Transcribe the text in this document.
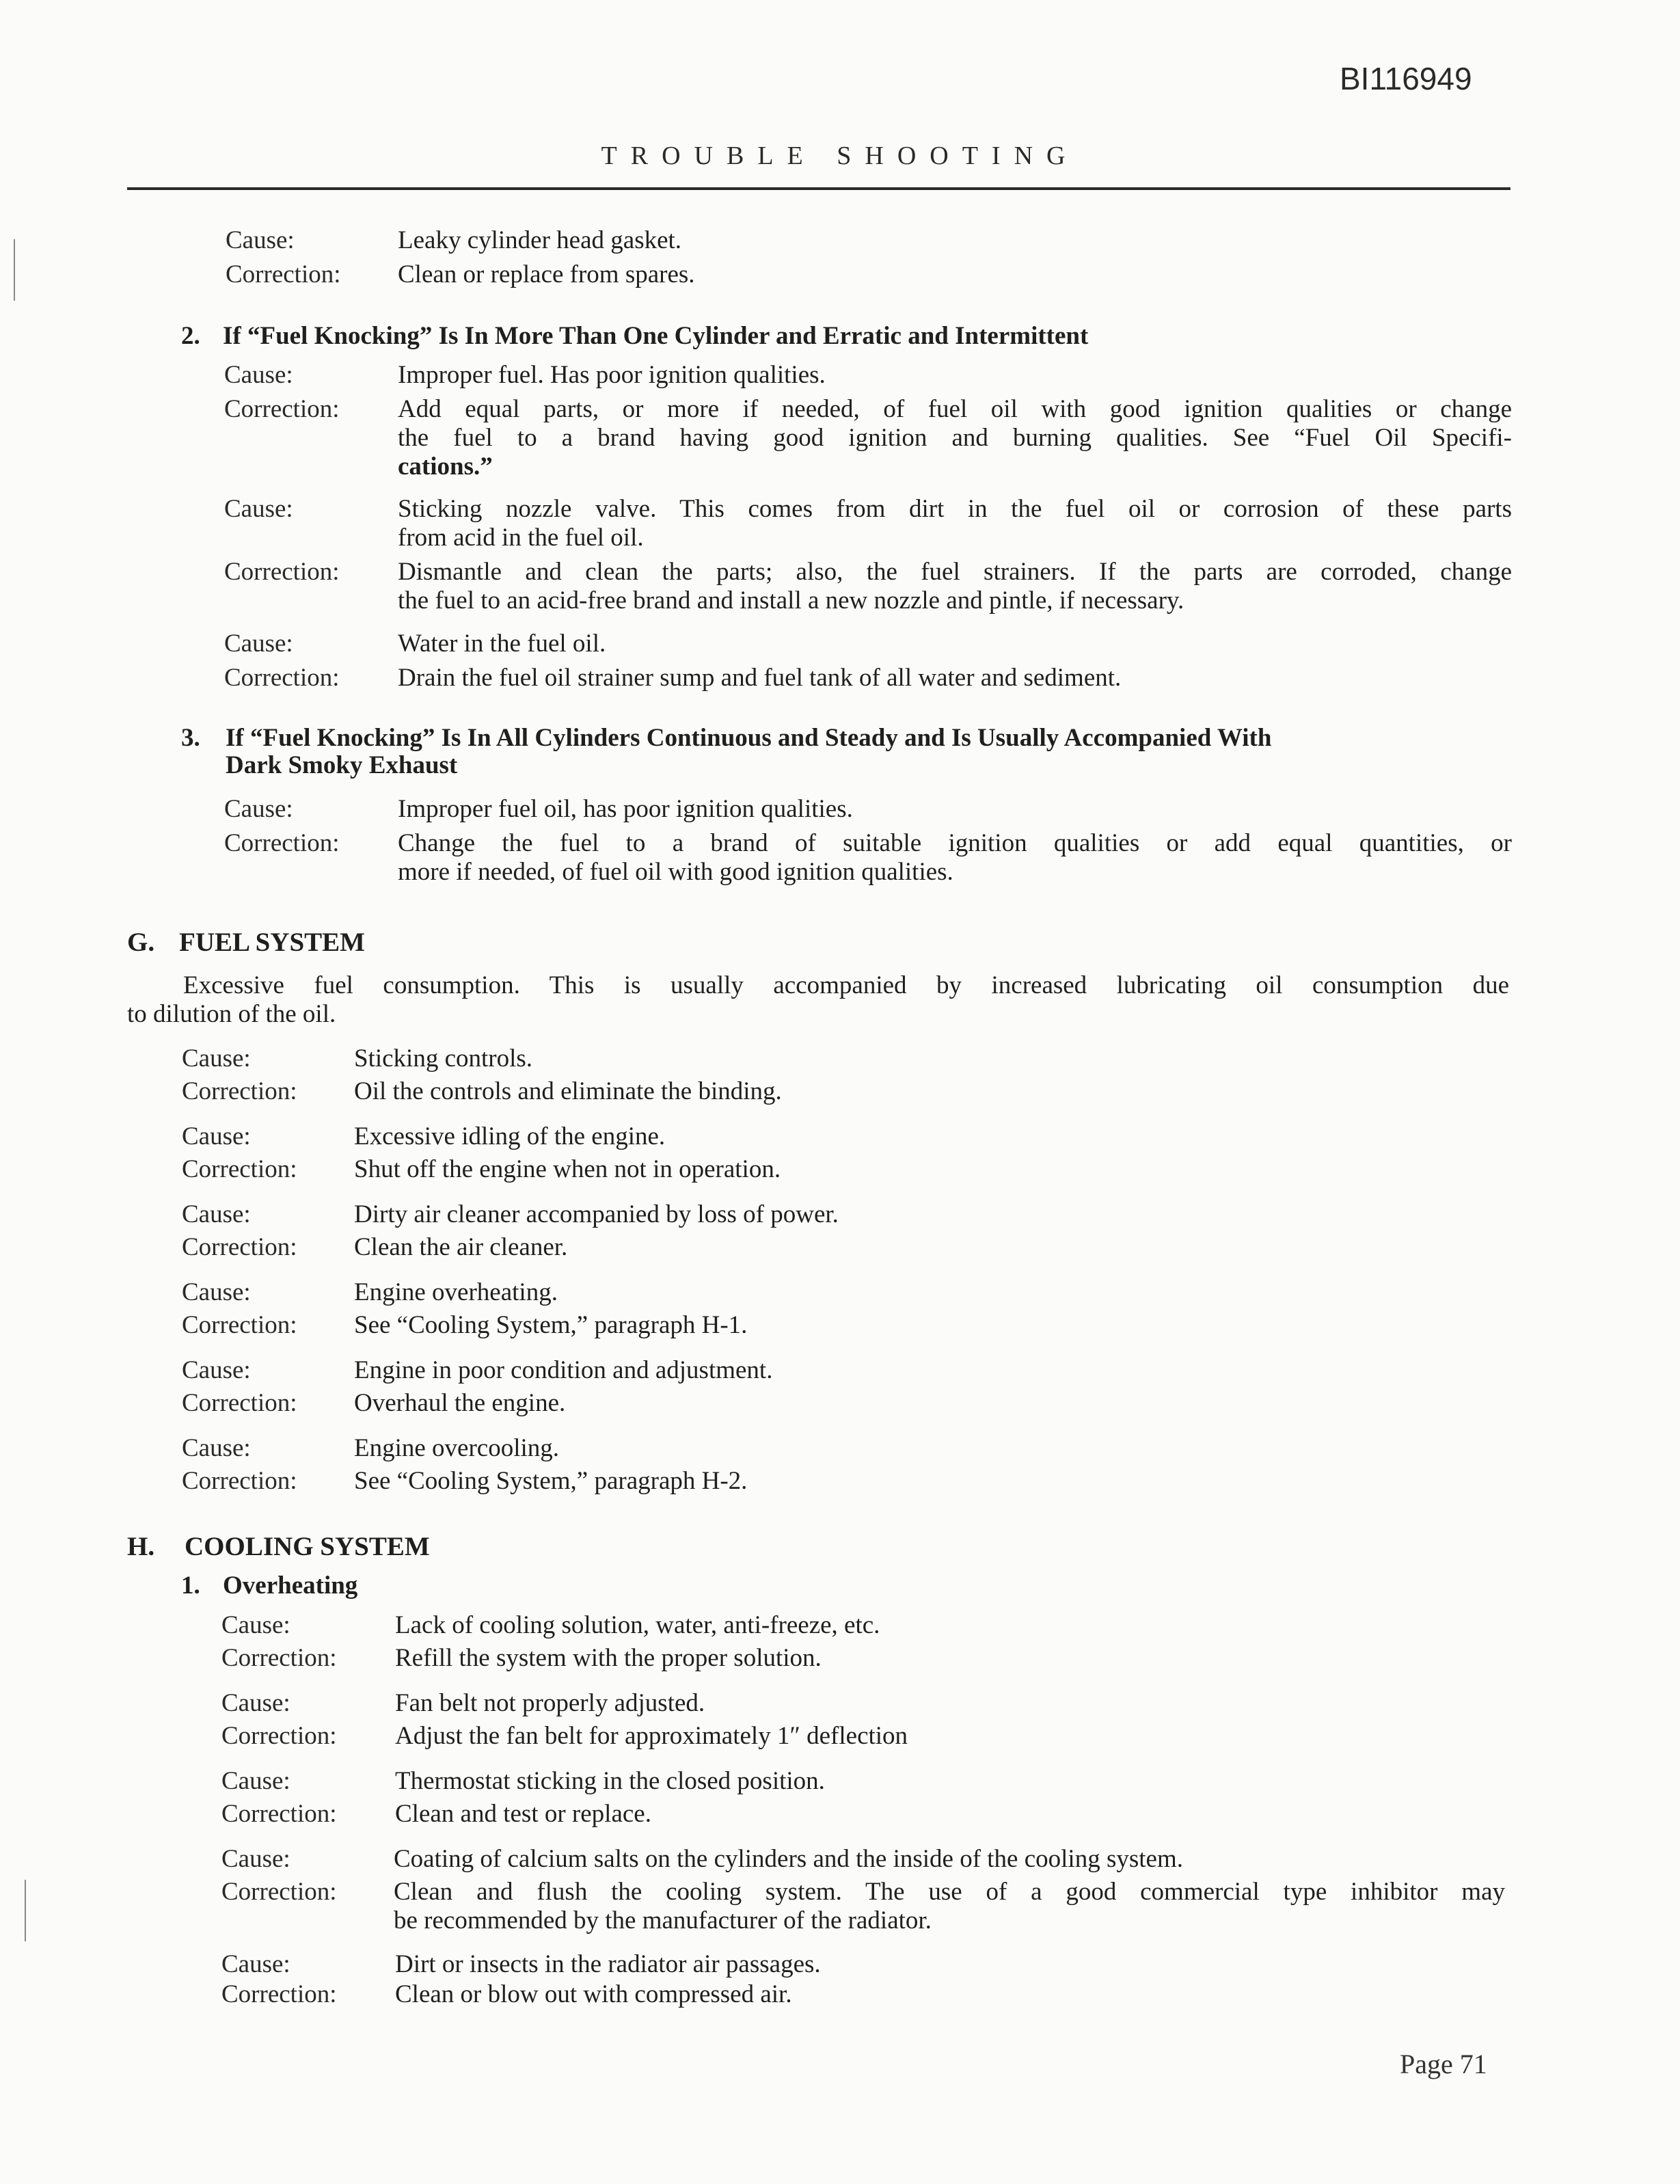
BI116949
TROUBLE SHOOTING
Cause:	Leaky cylinder head gasket.
Correction: Clean or replace from spares.
2. If “Fuel Knocking” Is In More Than One Cylinder and Erratic and Intermittent
Cause:	Improper fuel. Has poor ignition qualities.
Correction: Add equal parts, or more if needed, of fuel oil with good ignition qualities or change
the fuel to a brand having good ignition and burning qualities. See “Fuel Oil Specifi-
cations.”
Cause:	Sticking nozzle valve. This comes from dirt in the fuel oil or corrosion of these parts
from acid in the fuel oil.
Correction: Dismantle and clean the parts; also, the fuel strainers. If the parts are corroded, change
the fuel to an acid-free brand and install a new nozzle and pintle, if necessary.
Cause:	Water in the fuel oil.
Correction: Drain the fuel oil strainer sump and fuel tank of all water and sediment.
3. If “Fuel Knocking” Is In All Cylinders Continuous and Steady and Is Usually Accompanied With
Dark Smoky Exhaust
Cause:	Improper fuel oil, has poor ignition qualities.
Correction: Change the fuel to a brand of suitable ignition qualities or add equal quantities, or
more if needed, of fuel oil with good ignition qualities.
G. FUEL SYSTEM
Excessive fuel consumption. This is usually accompanied by increased lubricating oil consumption due
to dilution of the oil.
Cause:	Sticking controls.
Correction: Oil the controls and eliminate the binding.
Cause:	Excessive idling of the engine.
Correction: Shut off the engine when not in operation.
Cause:	Dirty air cleaner accompanied by loss of power.
Correction: Clean the air cleaner.
Cause:	Engine overheating.
Correction: See “Cooling System,” paragraph H-1.
Cause:	Engine in poor condition and adjustment.
Correction: Overhaul the engine.
Cause:	Engine overcooling.
Correction: See “Cooling System,” paragraph H-2.
H. COOLING SYSTEM
1. Overheating
Cause:	Lack of cooling solution, water, anti-freeze, etc.
Correction: Refill the system with the proper solution.
Cause:	Fan belt not properly adjusted.
Correction: Adjust the fan belt for approximately 1″ deflection
Cause:	Thermostat sticking in the closed position.
Correction: Clean and test or replace.
Cause:	Coating of calcium salts on the cylinders and the inside of the cooling system.
Correction: Clean and flush the cooling system. The use of a good commercial type inhibitor may
be recommended by the manufacturer of the radiator.
Cause:	Dirt or insects in the radiator air passages.
Correction: Clean or blow out with compressed air.
Page 71
